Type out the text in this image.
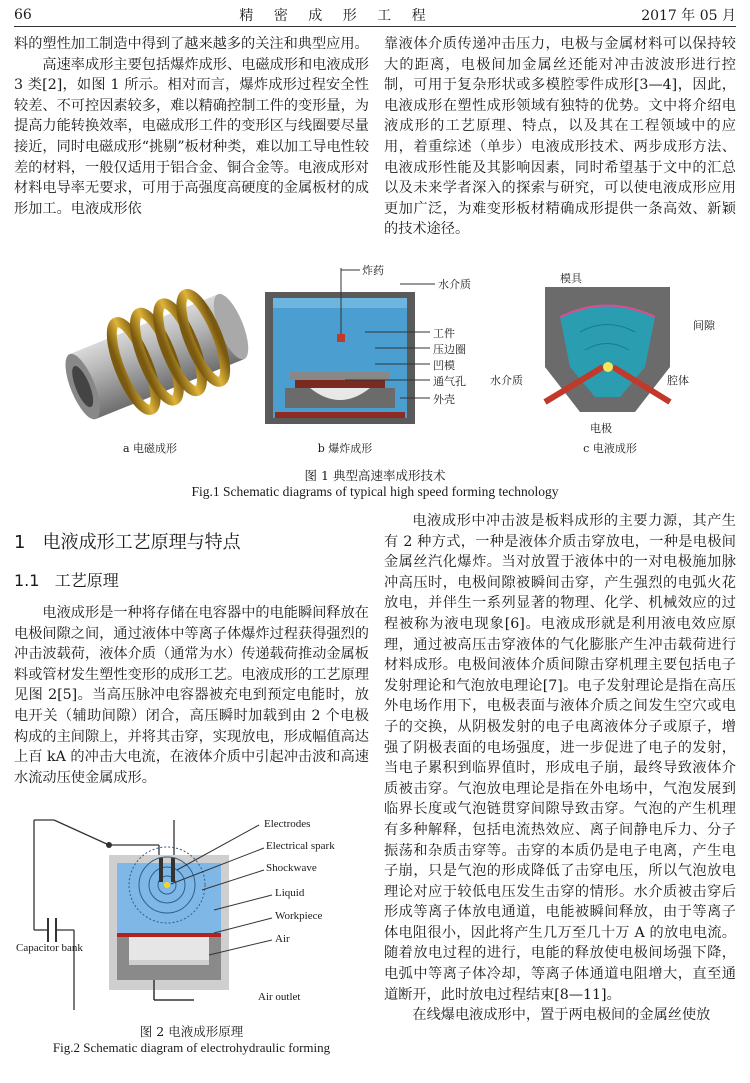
66	精 密 成 形 工 程	2017 年 05 月

料的塑性加工制造中得到了越来越多的关注和典型应用。

高速率成形主要包括爆炸成形、电磁成形和电液成形 3 类[2]，如图 1 所示。相对而言，爆炸成形过程安全性较差、不可控因素较多，难以精确控制工件的变形量，为提高力能转换效率，电磁成形工件的变形区与线圈要尽量接近，同时电磁成形“挑剔”板材种类，难以加工导电性较差的材料，一般仅适用于铝合金、铜合金等。电液成形对材料电导率无要求，可用于高强度高硬度的金属板材的成形加工。电液成形依

靠液体介质传递冲击压力，电极与金属材料可以保持较大的距离，电极间加金属丝还能对冲击波波形进行控制，可用于复杂形状或多模腔零件成形[3—4]，因此，电液成形在塑性成形领域有独特的优势。文中将介绍电液成形的工艺原理、特点，以及其在工程领域中的应用，着重综述（单步）电液成形技术、两步成形方法、电液成形性能及其影响因素，同时希望基于文中的汇总以及未来学者深入的探索与研究，可以使电液成形应用更加广泛，为难变形板材精确成形提供一条高效、新颖的技术途径。

a 电磁成形
炸药
水介质
工件
压边圈
凹模
通气孔
外壳
b 爆炸成形
模具
间隙
水介质	腔体
电极
c 电液成形
图 1 典型高速率成形技术
Fig.1 Schematic diagrams of typical high speed forming technology
1 电液成形工艺原理与特点
1.1 工艺原理

电液成形是一种将存储在电容器中的电能瞬间释放在电极间隙之间，通过液体中等离子体爆炸过程获得强烈的冲击波载荷，液体介质（通常为水）传递载荷推动金属板料或管材发生塑性变形的成形工艺。电液成形的工艺原理见图 2[5]。当高压脉冲电容器被充电到预定电能时，放电开关（辅助间隙）闭合，高压瞬时加载到由 2 个电极构成的主间隙上，并将其击穿，实现放电，形成幅值高达上百 kA 的冲击大电流，在液体介质中引起冲击波和高速水流动压使金属成形。

Electrodes
Electrical spark
Shockwave
Liquid
Workpiece
Air
Capacitor bank
Air outlet
图 2 电液成形原理
Fig.2 Schematic diagram of electrohydraulic forming

电液成形中冲击波是板料成形的主要力源，其产生有 2 种方式，一种是液体介质击穿放电，一种是电极间金属丝汽化爆炸。当对放置于液体中的一对电极施加脉冲高压时，电极间隙被瞬间击穿，产生强烈的电弧火花放电，并伴生一系列显著的物理、化学、机械效应的过程被称为液电现象[6]。电液成形就是利用液电效应原理，通过被高压击穿液体的气化膨胀产生冲击载荷进行材料成形。电极间液体介质间隙击穿机理主要包括电子发射理论和气泡放电理论[7]。电子发射理论是指在高压外电场作用下，电极表面与液体介质之间发生空穴或电子的交换，从阴极发射的电子电离液体分子或原子，增强了阴极表面的电场强度，进一步促进了电子的发射，当电子累积到临界值时，形成电子崩，最终导致液体介质被击穿。气泡放电理论是指在外电场中，气泡发展到临界长度或气泡链贯穿间隙导致击穿。气泡的产生机理有多种解释，包括电流热效应、离子间静电斥力、分子振荡和杂质击穿等。击穿的本质仍是电子电离，产生电子崩，只是气泡的形成降低了击穿电压，所以气泡放电理论对应于较低电压发生击穿的情形。水介质被击穿后形成等离子体放电通道，电能被瞬间释放，由于等离子体电阻很小，因此将产生几万至几十万 A 的放电电流。随着放电过程的进行，电能的释放使电极间场强下降，电弧中等离子体冷却，等离子体通道电阻增大，直至通道断开，此时放电过程结束[8—11]。

在线爆电液成形中，置于两电极间的金属丝使放
